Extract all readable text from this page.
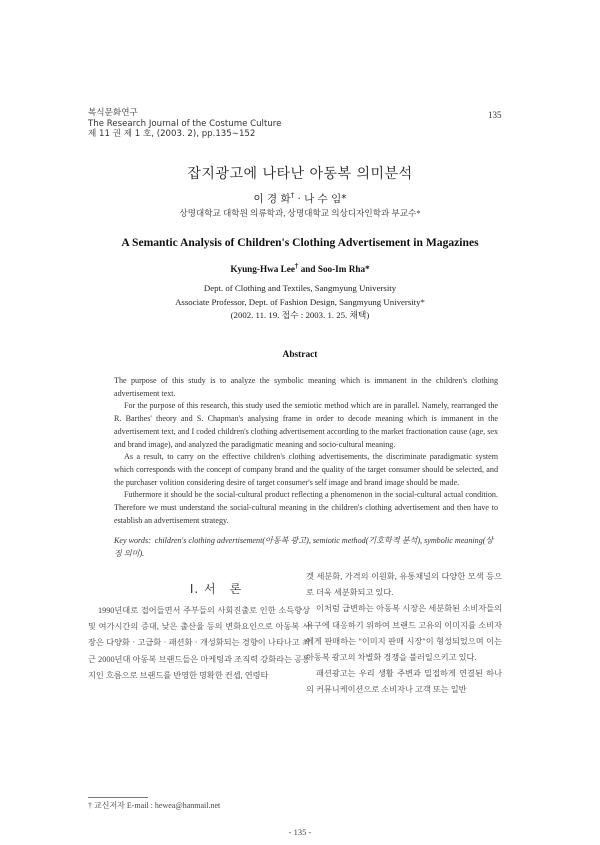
복식문화연구
The Research Journal of the Costume Culture
제 11 권 제 1 호, (2003. 2), pp.135∼152
135
잡지광고에 나타난 아동복 의미분석
이 경 화† · 나 수 임*
상명대학교 대학원 의류학과, 상명대학교 의상디자인학과 부교수*
A Semantic Analysis of Children's Clothing Advertisement in Magazines
Kyung-Hwa Lee† and Soo-Im Rha*
Dept. of Clothing and Textiles, Sangmyung University
Associate Professor, Dept. of Fashion Design, Sangmyung University*
(2002. 11. 19. 접수 : 2003. 1. 25. 채택)
Abstract

The purpose of this study is to analyze the symbolic meaning which is immanent in the children's clothing advertisement text.

For the purpose of this research, this study used the semiotic method which are in parallel. Namely, rearranged the R. Barthes' theory and S. Chapman's analysing frame in order to decode meaning which is immanent in the advertisement text, and I coded children's clothing advertisement according to the market fractionation cause (age, sex and brand image), and analyzed the paradigmatic meaning and socio-cultural meaning.

As a result, to carry on the effective children's clothing advertisements, the discriminate paradigmatic system which corresponds with the concept of company brand and the quality of the target consumer should be selected, and the purchaser volition considering desire of target consumer's self image and brand image should be made.

Futhermore it should be the social-cultural product reflecting a phenomenon in the social-cultural actual condition. Therefore we must understand the social-cultural meaning in the children's clothing advertisement and then have to establish an advertisement strategy.

Key words: children's clothing advertisement(아동복 광고), semiotic method(기호학적 분석), symbolic meaning(상징 의미).
Ⅰ. 서　론

1990년대로 접어들면서 주부들의 사회진출로 인한 소득향상 및 여가시간의 증대, 낮은 출산율 등의 변화요인으로 아동복 시장은 다양화 · 고급화 · 패션화 · 개성화되는 경향이 나타나고 최근 2000년대 아동복 브랜드들은 마케팅과 조직력 강화라는 공통지인 흐름으로 브랜드를 반영한 명확한 컨셉, 연령타

겟 세분화, 가격의 이원화, 유통채널의 다양한 모색 등으로 더욱 세분화되고 있다.

이처럼 급변하는 아동복 시장은 세분화된 소비자들의 욕구에 대응하기 위하여 브랜드 고유의 이미지를 소비자에게 판매하는 "이미지 판매 시장"이 형성되었으며 이는 아동복 광고의 차별화 경쟁을 불러일으키고 있다.

패션광고는 우리 생활 주변과 밀접하게 연결된 하나의 커뮤니케이션으로 소비자나 고객 또는 일반

† 교신저자 E-mail : hewea@hanmail.net
- 135 -
